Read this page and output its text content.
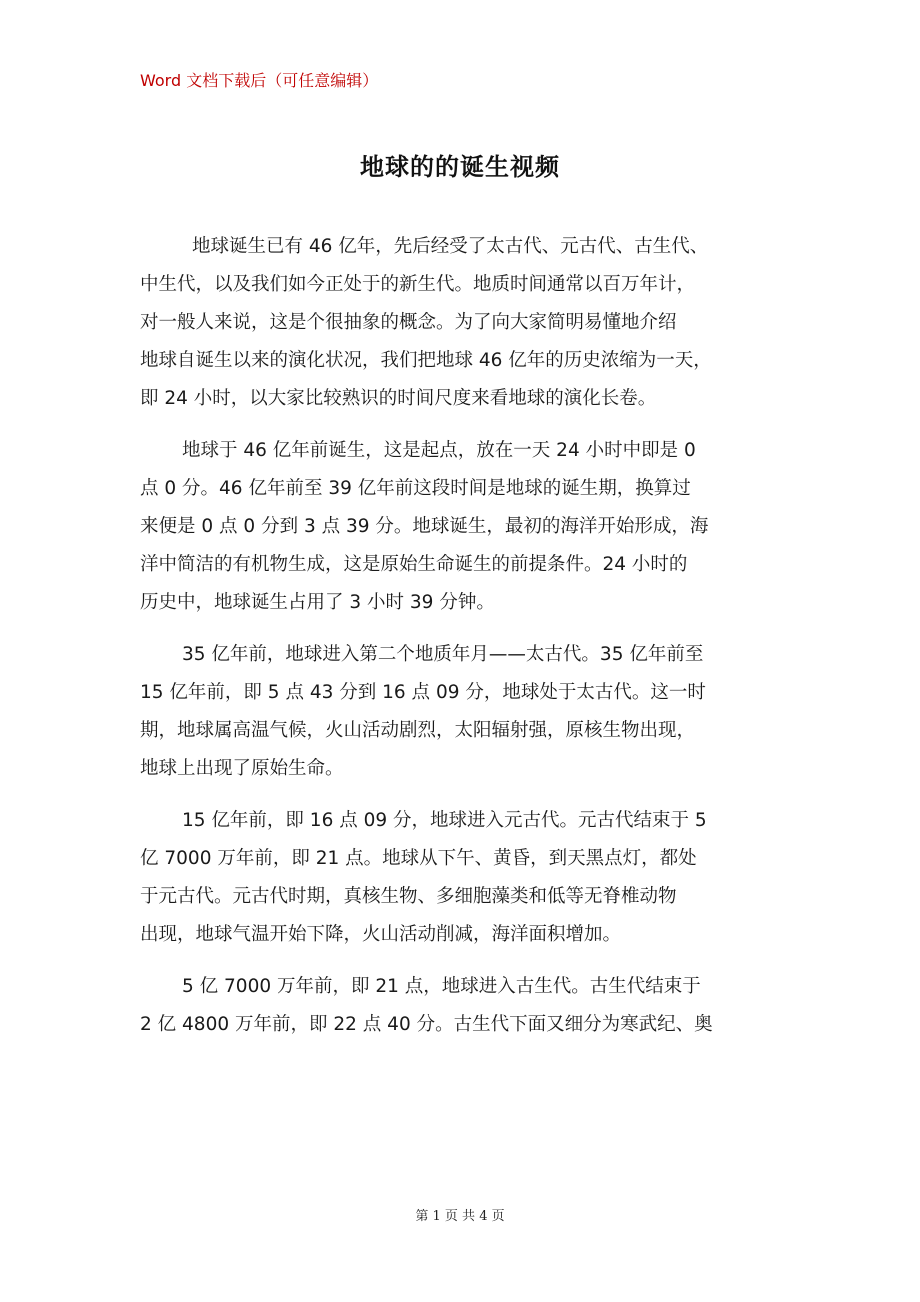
Word 文档下载后（可任意编辑）
地球的的诞生视频
地球诞生已有 46 亿年，先后经受了太古代、元古代、古生代、
中生代，以及我们如今正处于的新生代。地质时间通常以百万年计，
对一般人来说，这是个很抽象的概念。为了向大家简明易懂地介绍
地球自诞生以来的演化状况，我们把地球 46 亿年的历史浓缩为一天，
即 24 小时，以大家比较熟识的时间尺度来看地球的演化长卷。
地球于 46 亿年前诞生，这是起点，放在一天 24 小时中即是 0
点 0 分。46 亿年前至 39 亿年前这段时间是地球的诞生期，换算过
来便是 0 点 0 分到 3 点 39 分。地球诞生，最初的海洋开始形成，海
洋中简洁的有机物生成，这是原始生命诞生的前提条件。24 小时的
历史中，地球诞生占用了 3 小时 39 分钟。
35 亿年前，地球进入第二个地质年月——太古代。35 亿年前至
15 亿年前，即 5 点 43 分到 16 点 09 分，地球处于太古代。这一时
期，地球属高温气候，火山活动剧烈，太阳辐射强，原核生物出现，
地球上出现了原始生命。
15 亿年前，即 16 点 09 分，地球进入元古代。元古代结束于 5
亿 7000 万年前，即 21 点。地球从下午、黄昏，到天黑点灯，都处
于元古代。元古代时期，真核生物、多细胞藻类和低等无脊椎动物
出现，地球气温开始下降，火山活动削减，海洋面积增加。
5 亿 7000 万年前，即 21 点，地球进入古生代。古生代结束于
2 亿 4800 万年前，即 22 点 40 分。古生代下面又细分为寒武纪、奥
第 1 页 共 4 页
